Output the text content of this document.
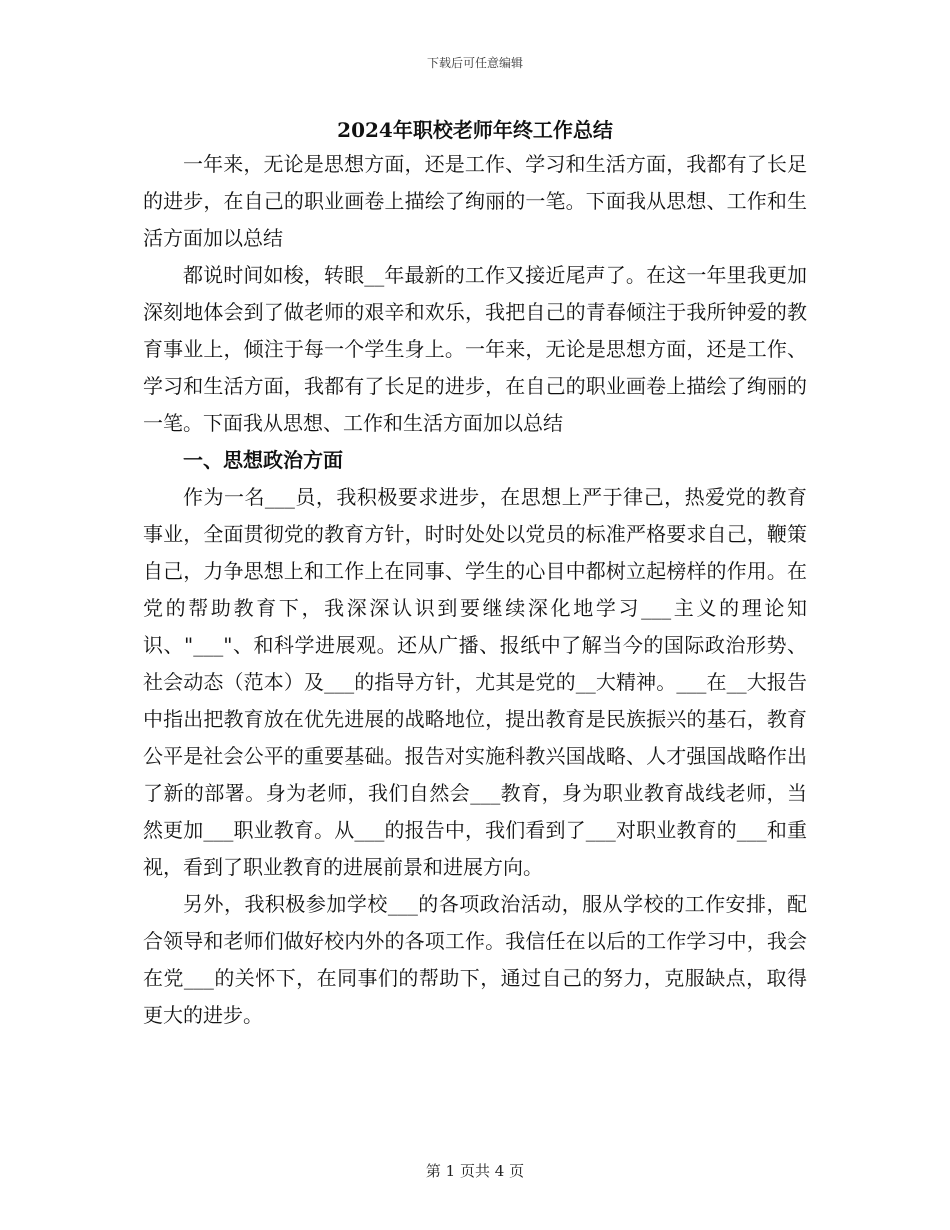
下载后可任意编辑
2024年职校老师年终工作总结

一年来，无论是思想方面，还是工作、学习和生活方面，我都有了长足的进步，在自己的职业画卷上描绘了绚丽的一笔。下面我从思想、工作和生活方面加以总结

都说时间如梭，转眼__年最新的工作又接近尾声了。在这一年里我更加深刻地体会到了做老师的艰辛和欢乐，我把自己的青春倾注于我所钟爱的教育事业上，倾注于每一个学生身上。一年来，无论是思想方面，还是工作、学习和生活方面，我都有了长足的进步，在自己的职业画卷上描绘了绚丽的一笔。下面我从思想、工作和生活方面加以总结

一、思想政治方面

作为一名___员，我积极要求进步，在思想上严于律己，热爱党的教育事业，全面贯彻党的教育方针，时时处处以党员的标准严格要求自己，鞭策自己，力争思想上和工作上在同事、学生的心目中都树立起榜样的作用。在党的帮助教育下，我深深认识到要继续深化地学习___主义的理论知识、"___"、和科学进展观。还从广播、报纸中了解当今的国际政治形势、社会动态（范本）及___的指导方针，尤其是党的__大精神。___在__大报告中指出把教育放在优先进展的战略地位，提出教育是民族振兴的基石，教育公平是社会公平的重要基础。报告对实施科教兴国战略、人才强国战略作出了新的部署。身为老师，我们自然会___教育，身为职业教育战线老师，当然更加___职业教育。从___的报告中，我们看到了___对职业教育的___和重视，看到了职业教育的进展前景和进展方向。

另外，我积极参加学校___的各项政治活动，服从学校的工作安排，配合领导和老师们做好校内外的各项工作。我信任在以后的工作学习中，我会在党___的关怀下，在同事们的帮助下，通过自己的努力，克服缺点，取得更大的进步。

第 1 页共 4 页
